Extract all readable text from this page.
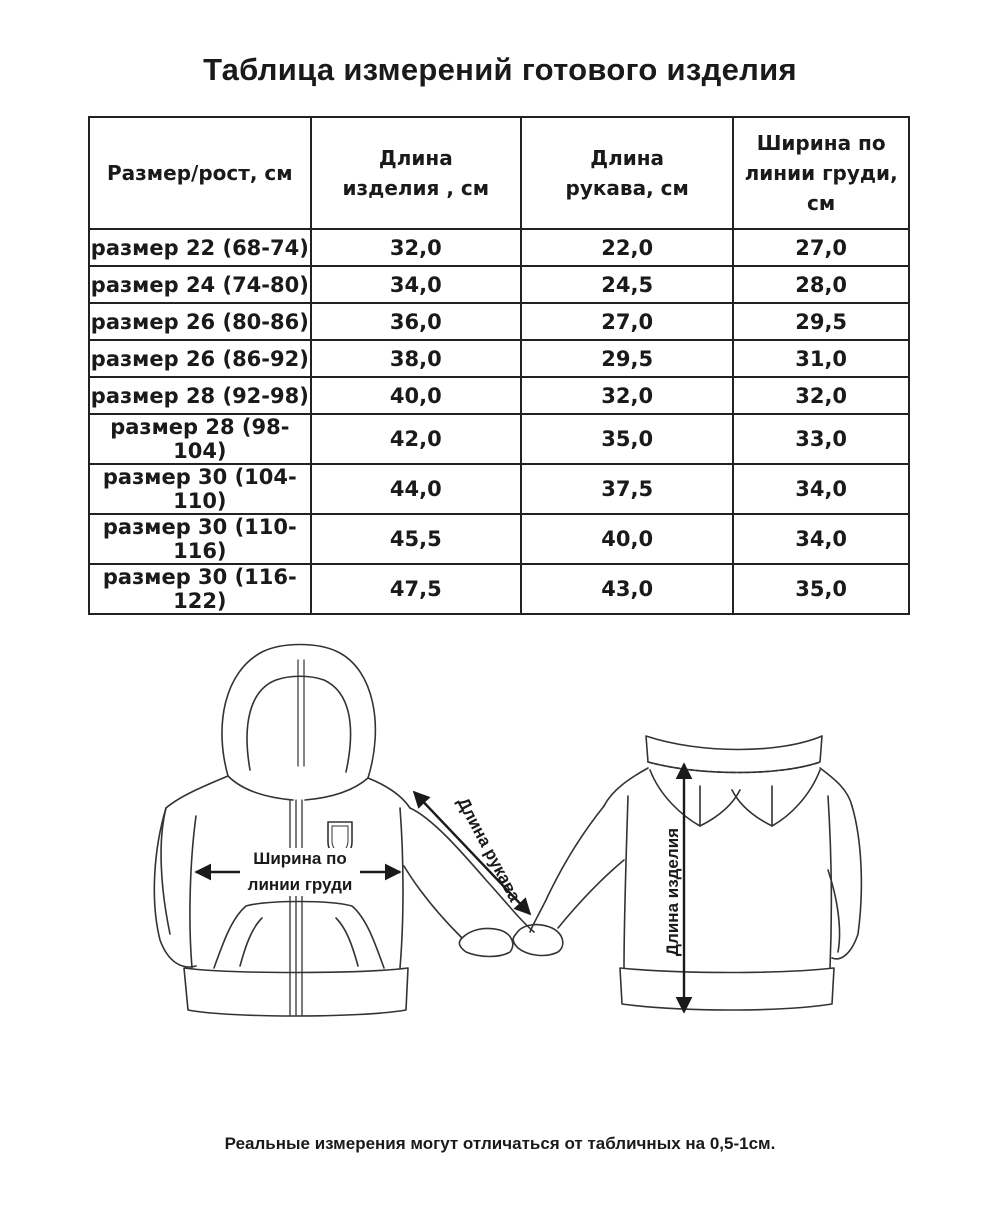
Таблица измерений готового изделия
Размер/рост, см	Длина изделия , см	Длина рукава, см	Ширина по линии груди, см
размер 22 (68-74)	32,0	22,0	27,0
размер 24 (74-80)	34,0	24,5	28,0
размер 26 (80-86)	36,0	27,0	29,5
размер 26 (86-92)	38,0	29,5	31,0
размер 28 (92-98)	40,0	32,0	32,0
размер 28 (98-104)	42,0	35,0	33,0
размер 30 (104-110)	44,0	37,5	34,0
размер 30 (110-116)	45,5	40,0	34,0
размер 30 (116-122)	47,5	43,0	35,0
Ширина по
линии груди	Длина рукава	Длина изделия
Реальные измерения могут отличаться от табличных на 0,5-1см.
